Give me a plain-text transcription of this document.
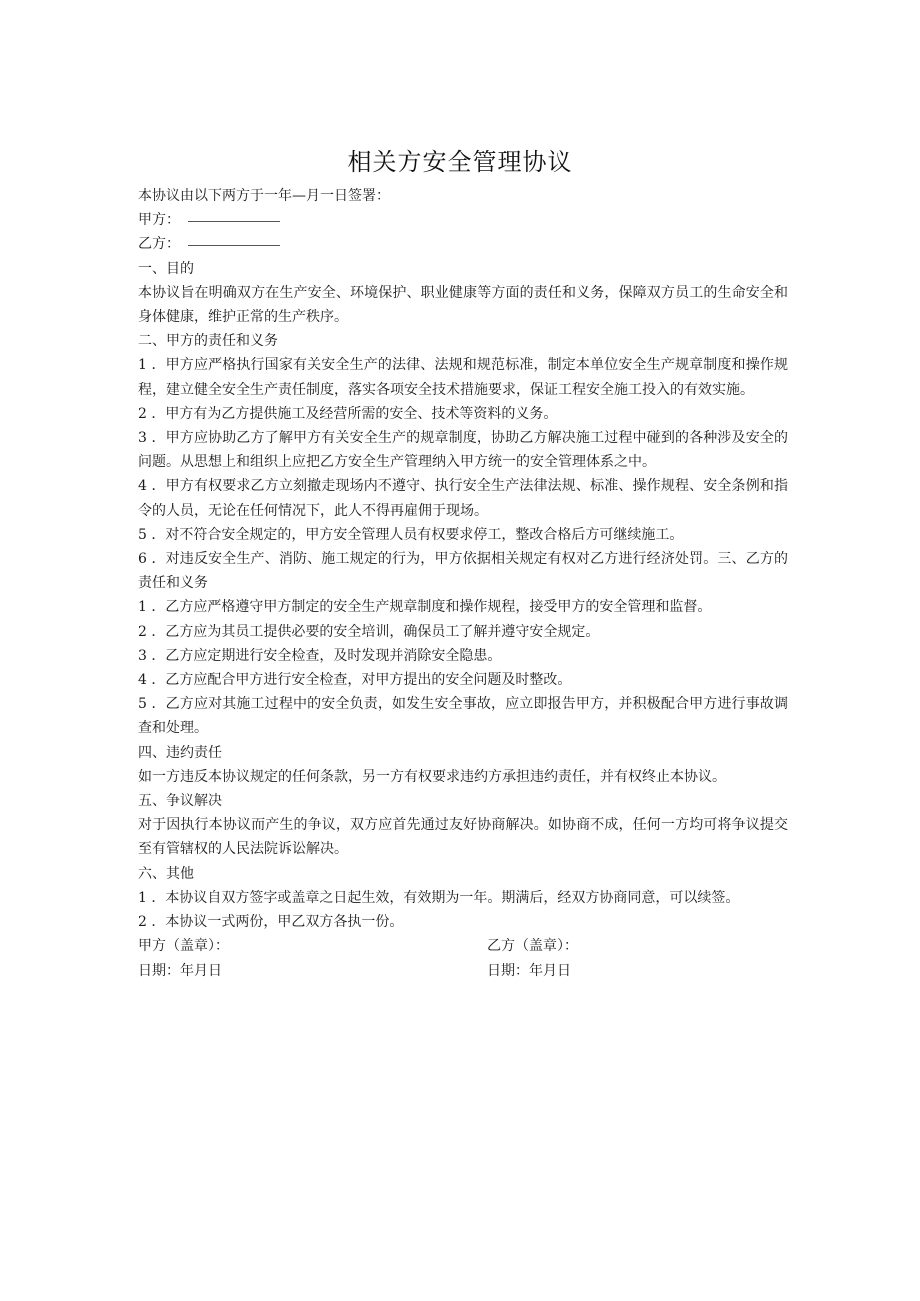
相关方安全管理协议

本协议由以下两方于一年—月一日签署：

甲方：
乙方：

一、目的

本协议旨在明确双方在生产安全、环境保护、职业健康等方面的责任和义务，保障双方员工的生命安全和身体健康，维护正常的生产秩序。

二、甲方的责任和义务

1 ．甲方应严格执行国家有关安全生产的法律、法规和规范标准，制定本单位安全生产规章制度和操作规程，建立健全安全生产责任制度，落实各项安全技术措施要求，保证工程安全施工投入的有效实施。

2 ．甲方有为乙方提供施工及经营所需的安全、技术等资料的义务。

3 ．甲方应协助乙方了解甲方有关安全生产的规章制度，协助乙方解决施工过程中碰到的各种涉及安全的问题。从思想上和组织上应把乙方安全生产管理纳入甲方统一的安全管理体系之中。

4 ．甲方有权要求乙方立刻撤走现场内不遵守、执行安全生产法律法规、标准、操作规程、安全条例和指令的人员，无论在任何情况下，此人不得再雇佣于现场。

5 ．对不符合安全规定的，甲方安全管理人员有权要求停工，整改合格后方可继续施工。

6 ．对违反安全生产、消防、施工规定的行为，甲方依据相关规定有权对乙方进行经济处罚。三、乙方的责任和义务

1 ．乙方应严格遵守甲方制定的安全生产规章制度和操作规程，接受甲方的安全管理和监督。

2 ．乙方应为其员工提供必要的安全培训，确保员工了解并遵守安全规定。

3 ．乙方应定期进行安全检查，及时发现并消除安全隐患。

4 ．乙方应配合甲方进行安全检查，对甲方提出的安全问题及时整改。

5 ．乙方应对其施工过程中的安全负责，如发生安全事故，应立即报告甲方，并积极配合甲方进行事故调查和处理。

四、违约责任

如一方违反本协议规定的任何条款，另一方有权要求违约方承担违约责任，并有权终止本协议。

五、争议解决

对于因执行本协议而产生的争议，双方应首先通过友好协商解决。如协商不成，任何一方均可将争议提交至有管辖权的人民法院诉讼解决。

六、其他

1 ．本协议自双方签字或盖章之日起生效，有效期为一年。期满后，经双方协商同意，可以续签。

2 ．本协议一式两份，甲乙双方各执一份。

甲方（盖章）：	乙方（盖章）：
日期：年月日	日期：年月日
